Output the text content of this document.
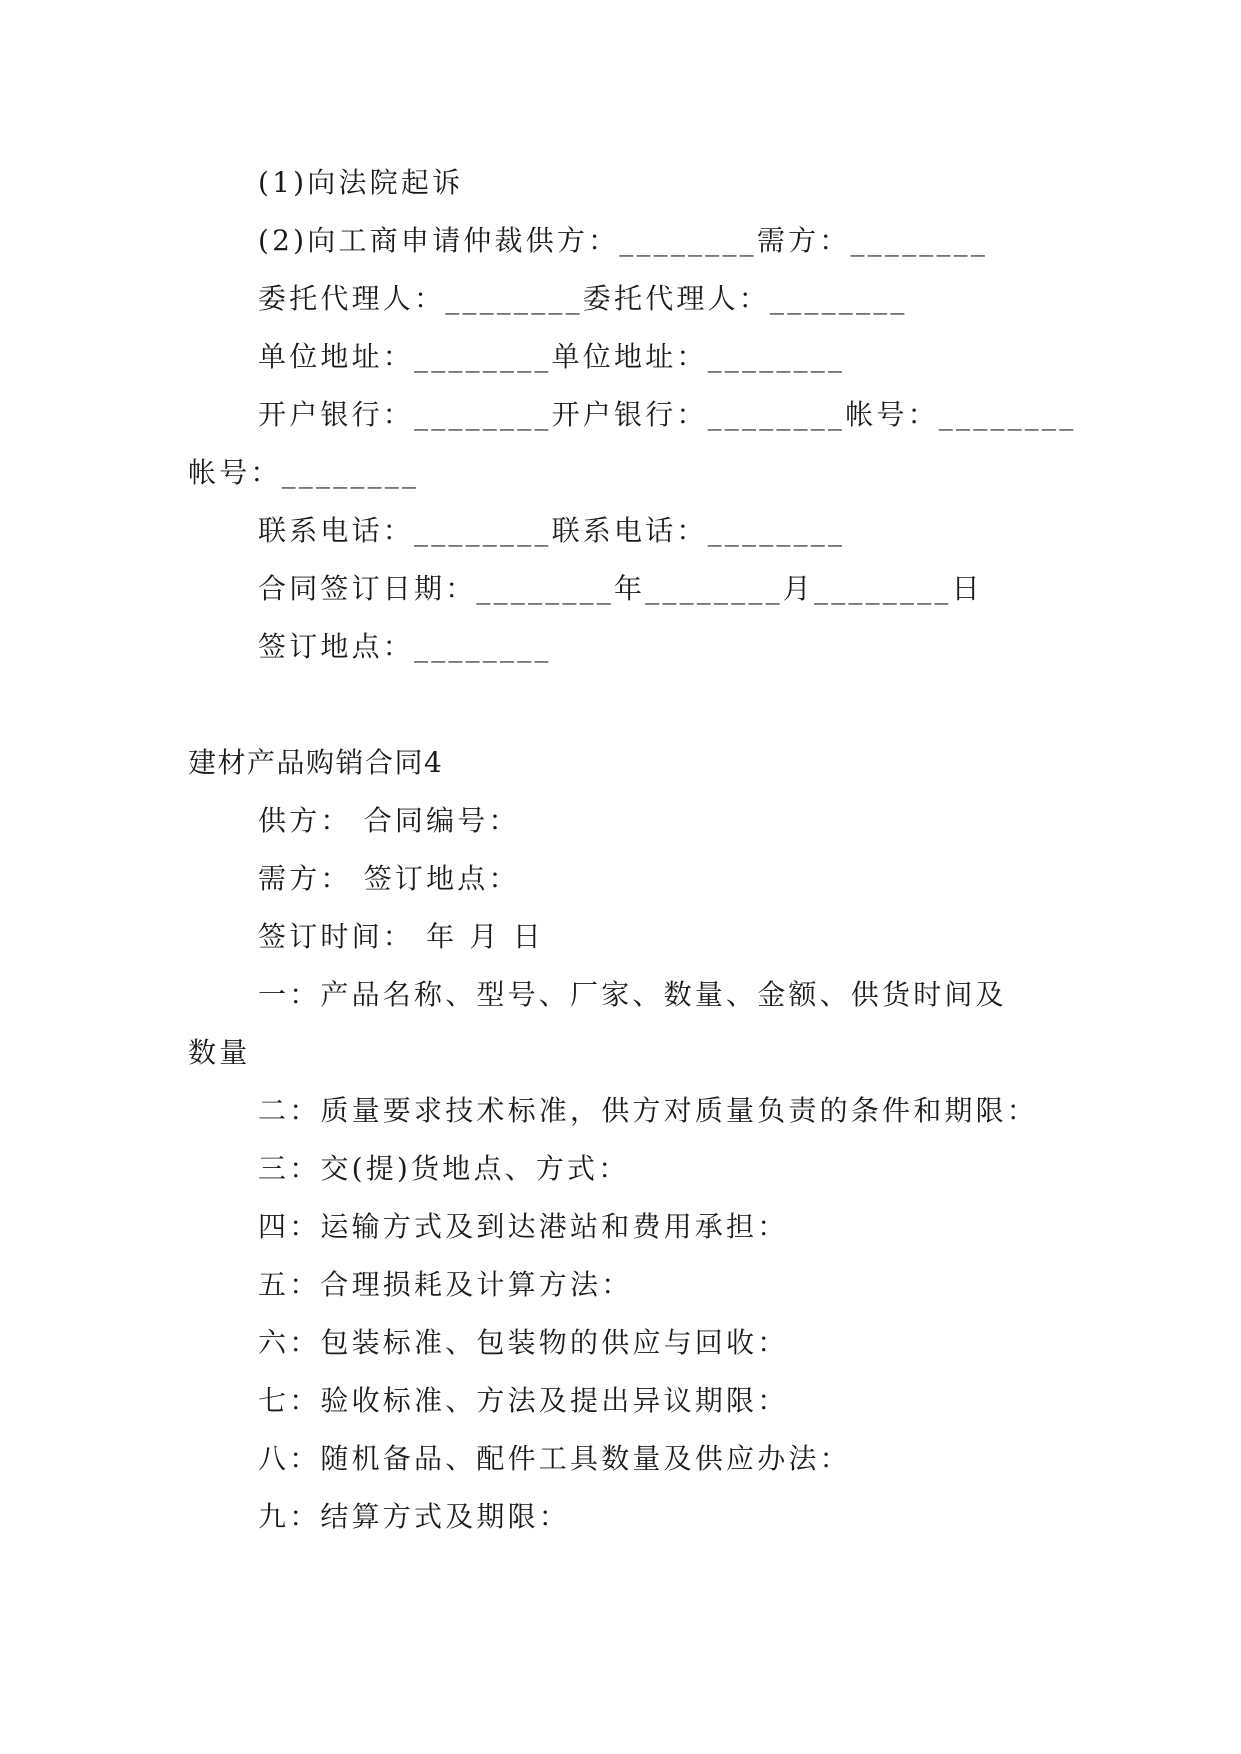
(1)向法院起诉
(2)向工商申请仲裁供方：________需方：________
委托代理人：________委托代理人：________
单位地址：________单位地址：________
开户银行：________开户银行：________帐号：________
帐号：________
联系电话：________联系电话：________
合同签订日期：________年________月________日
签订地点：________
建材产品购销合同4
供方： 合同编号：
需方： 签订地点：
签订时间： 年 月 日
一：产品名称、型号、厂家、数量、金额、供货时间及
数量
二：质量要求技术标准，供方对质量负责的条件和期限：
三：交(提)货地点、方式：
四：运输方式及到达港站和费用承担：
五：合理损耗及计算方法：
六：包装标准、包装物的供应与回收：
七：验收标准、方法及提出异议期限：
八：随机备品、配件工具数量及供应办法：
九：结算方式及期限：
